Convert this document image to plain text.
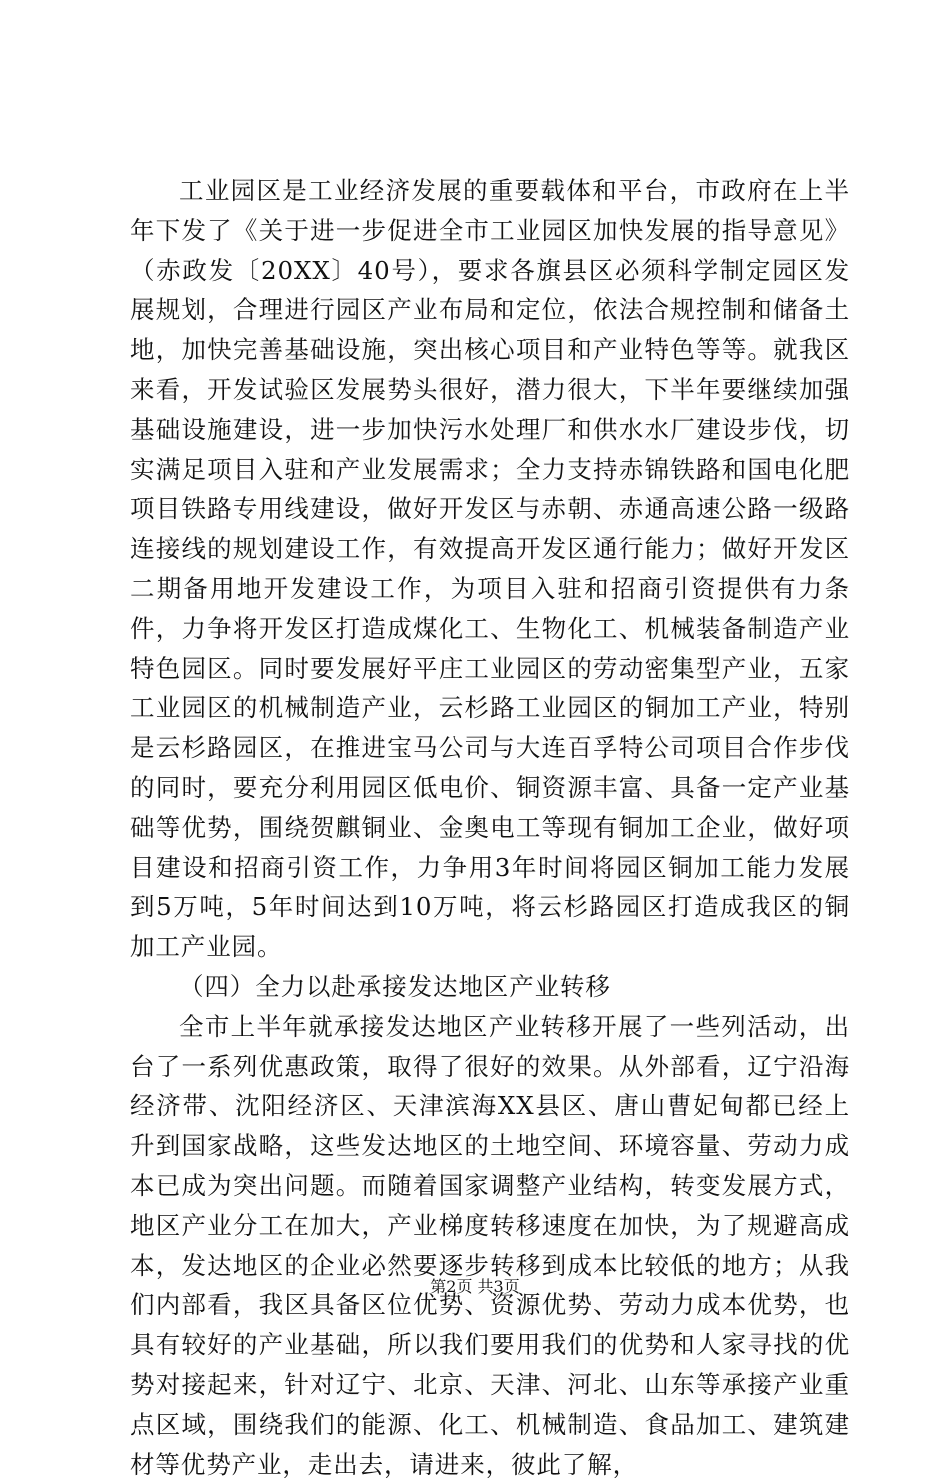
工业园区是工业经济发展的重要载体和平台，市政府在上半年下发了《关于进一步促进全市工业园区加快发展的指导意见》（赤政发〔20XX〕40号），要求各旗县区必须科学制定园区发展规划，合理进行园区产业布局和定位，依法合规控制和储备土地，加快完善基础设施，突出核心项目和产业特色等等。就我区来看，开发试验区发展势头很好，潜力很大，下半年要继续加强基础设施建设，进一步加快污水处理厂和供水水厂建设步伐，切实满足项目入驻和产业发展需求；全力支持赤锦铁路和国电化肥项目铁路专用线建设，做好开发区与赤朝、赤通高速公路一级路连接线的规划建设工作，有效提高开发区通行能力；做好开发区二期备用地开发建设工作，为项目入驻和招商引资提供有力条件，力争将开发区打造成煤化工、生物化工、机械装备制造产业特色园区。同时要发展好平庄工业园区的劳动密集型产业，五家工业园区的机械制造产业，云杉路工业园区的铜加工产业，特别是云杉路园区，在推进宝马公司与大连百孚特公司项目合作步伐的同时，要充分利用园区低电价、铜资源丰富、具备一定产业基础等优势，围绕贺麒铜业、金奥电工等现有铜加工企业，做好项目建设和招商引资工作，力争用3年时间将园区铜加工能力发展到5万吨，5年时间达到10万吨，将云杉路园区打造成我区的铜加工产业园。

（四）全力以赴承接发达地区产业转移

全市上半年就承接发达地区产业转移开展了一些列活动，出台了一系列优惠政策，取得了很好的效果。从外部看，辽宁沿海经济带、沈阳经济区、天津滨海XX县区、唐山曹妃甸都已经上升到国家战略，这些发达地区的土地空间、环境容量、劳动力成本已成为突出问题。而随着国家调整产业结构，转变发展方式，地区产业分工在加大，产业梯度转移速度在加快，为了规避高成本，发达地区的企业必然要逐步转移到成本比较低的地方；从我们内部看，我区具备区位优势、资源优势、劳动力成本优势，也具有较好的产业基础，所以我们要用我们的优势和人家寻找的优势对接起来，针对辽宁、北京、天津、河北、山东等承接产业重点区域，围绕我们的能源、化工、机械制造、食品加工、建筑建材等优势产业，走出去，请进来，彼此了解，

第2页 共3页
